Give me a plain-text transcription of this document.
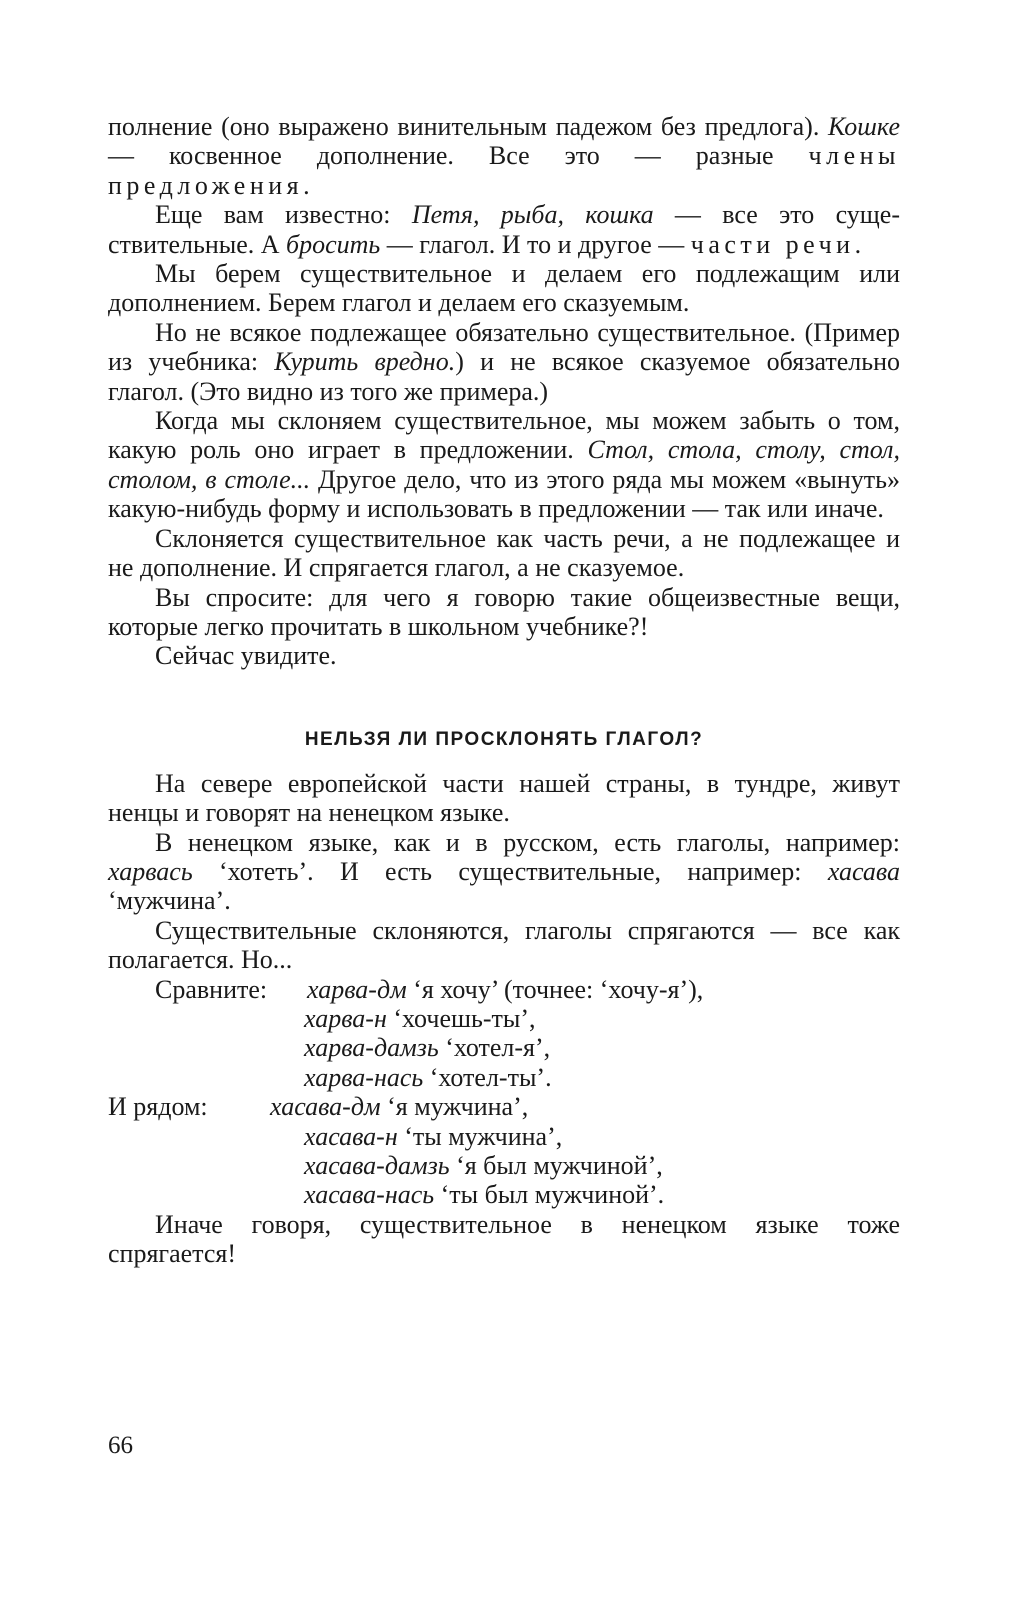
полнение (оно выражено винительным падежом без предлога). Кошке — косвенное дополнение. Все это — разные члены предложения.

Еще вам известно: Петя, рыба, кошка — все это существительные. А бросить — глагол. И то и другое — части речи.

Мы берем существительное и делаем его подлежащим или дополнением. Берем глагол и делаем его сказуемым.

Но не всякое подлежащее обязательно существительное. (Пример из учебника: Курить вредно.) и не всякое сказуемое обязательно глагол. (Это видно из того же примера.)

Когда мы склоняем существительное, мы можем забыть о том, какую роль оно играет в предложении. Стол, стола, столу, стол, столом, в столе... Другое дело, что из этого ряда мы можем «вынуть» какую-нибудь форму и использовать в предложении — так или иначе.

Склоняется существительное как часть речи, а не подлежащее и не дополнение. И спрягается глагол, а не сказуемое.

Вы спросите: для чего я говорю такие общеизвестные вещи, которые легко прочитать в школьном учебнике?!

Сейчас увидите.

НЕЛЬЗЯ ЛИ ПРОСКЛОНЯТЬ ГЛАГОЛ?

На севере европейской части нашей страны, в тундре, живут ненцы и говорят на ненецком языке.

В ненецком языке, как и в русском, есть глаголы, например: харвась ‘хотеть’. И есть существительные, например: хасава ‘мужчина’.

Существительные склоняются, глаголы спрягаются — все как полагается. Но...

Сравните: харва-дм ‘я хочу’ (точнее: ‘хочу-я’),
харва-н ‘хочешь-ты’,
харва-дамзь ‘хотел-я’,
харва-нась ‘хотел-ты’.
И рядом: хасава-дм ‘я мужчина’,
хасава-н ‘ты мужчина’,
хасава-дамзь ‘я был мужчиной’,
хасава-нась ‘ты был мужчиной’.

Иначе говоря, существительное в ненецком языке тоже спрягается!

66
